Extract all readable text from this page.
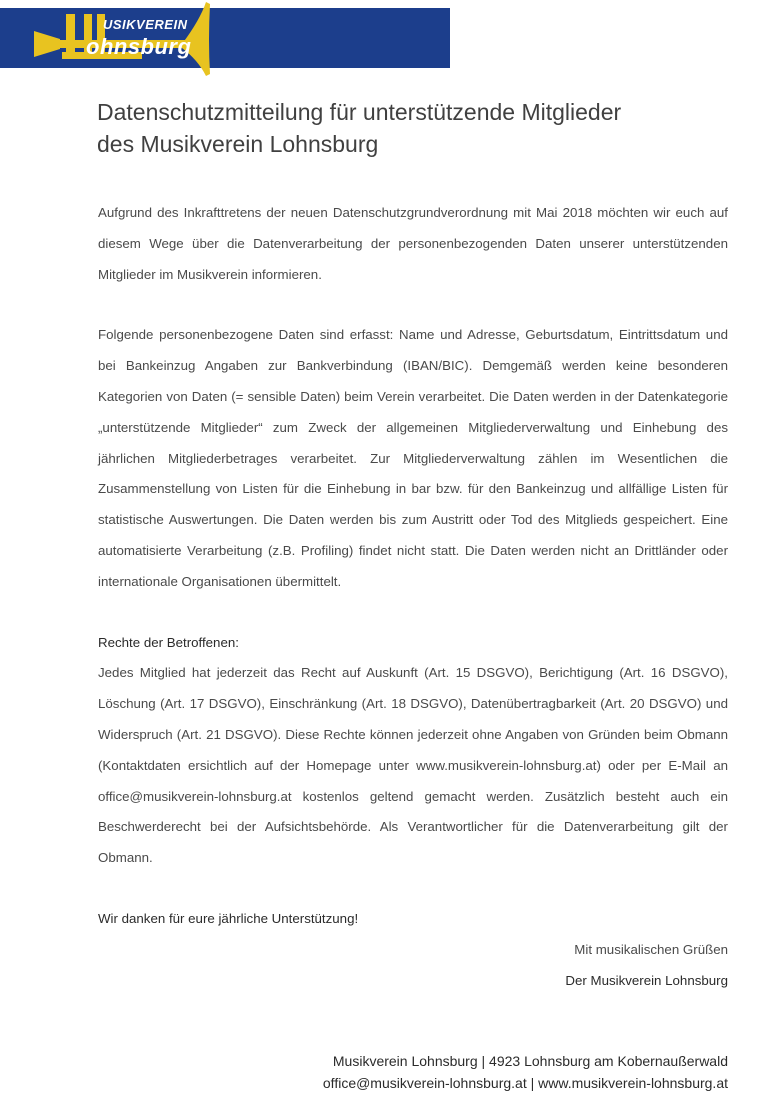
USIKVEREIN
ohnsburg
Datenschutzmitteilung für unterstützende Mitglieder
des Musikverein Lohnsburg

Aufgrund des Inkrafttretens der neuen Datenschutzgrundverordnung mit Mai 2018 möchten wir euch auf diesem Wege über die Datenverarbeitung der personenbezogenden Daten unserer unterstützenden Mitglieder im Musikverein informieren.

Folgende personenbezogene Daten sind erfasst: Name und Adresse, Geburtsdatum, Eintrittsdatum und bei Bankeinzug Angaben zur Bankverbindung (IBAN/BIC). Demgemäß werden keine besonderen Kategorien von Daten (= sensible Daten) beim Verein verarbeitet. Die Daten werden in der Datenkategorie „unterstützende Mitglieder“ zum Zweck der allgemeinen Mitgliederverwaltung und Einhebung des jährlichen Mitgliederbetrages verarbeitet. Zur Mitgliederverwaltung zählen im Wesentlichen die Zusammenstellung von Listen für die Einhebung in bar bzw. für den Bankeinzug und allfällige Listen für statistische Auswertungen. Die Daten werden bis zum Austritt oder Tod des Mitglieds gespeichert. Eine automatisierte Verarbeitung (z.B. Profiling) findet nicht statt. Die Daten werden nicht an Drittländer oder internationale Organisationen übermittelt.

Rechte der Betroffenen:

Jedes Mitglied hat jederzeit das Recht auf Auskunft (Art. 15 DSGVO), Berichtigung (Art. 16 DSGVO), Löschung (Art. 17 DSGVO), Einschränkung (Art. 18 DSGVO), Datenübertragbarkeit (Art. 20 DSGVO) und Widerspruch (Art. 21 DSGVO). Diese Rechte können jederzeit ohne Angaben von Gründen beim Obmann (Kontaktdaten ersichtlich auf der Homepage unter www.musikverein-lohnsburg.at) oder per E-Mail an office@musikverein-lohnsburg.at kostenlos geltend gemacht werden. Zusätzlich besteht auch ein Beschwerderecht bei der Aufsichtsbehörde. Als Verantwortlicher für die Datenverarbeitung gilt der Obmann.

Wir danken für eure jährliche Unterstützung!

Mit musikalischen Grüßen

Der Musikverein Lohnsburg

Musikverein Lohnsburg | 4923 Lohnsburg am Kobernaußerwald
office@musikverein-lohnsburg.at | www.musikverein-lohnsburg.at
